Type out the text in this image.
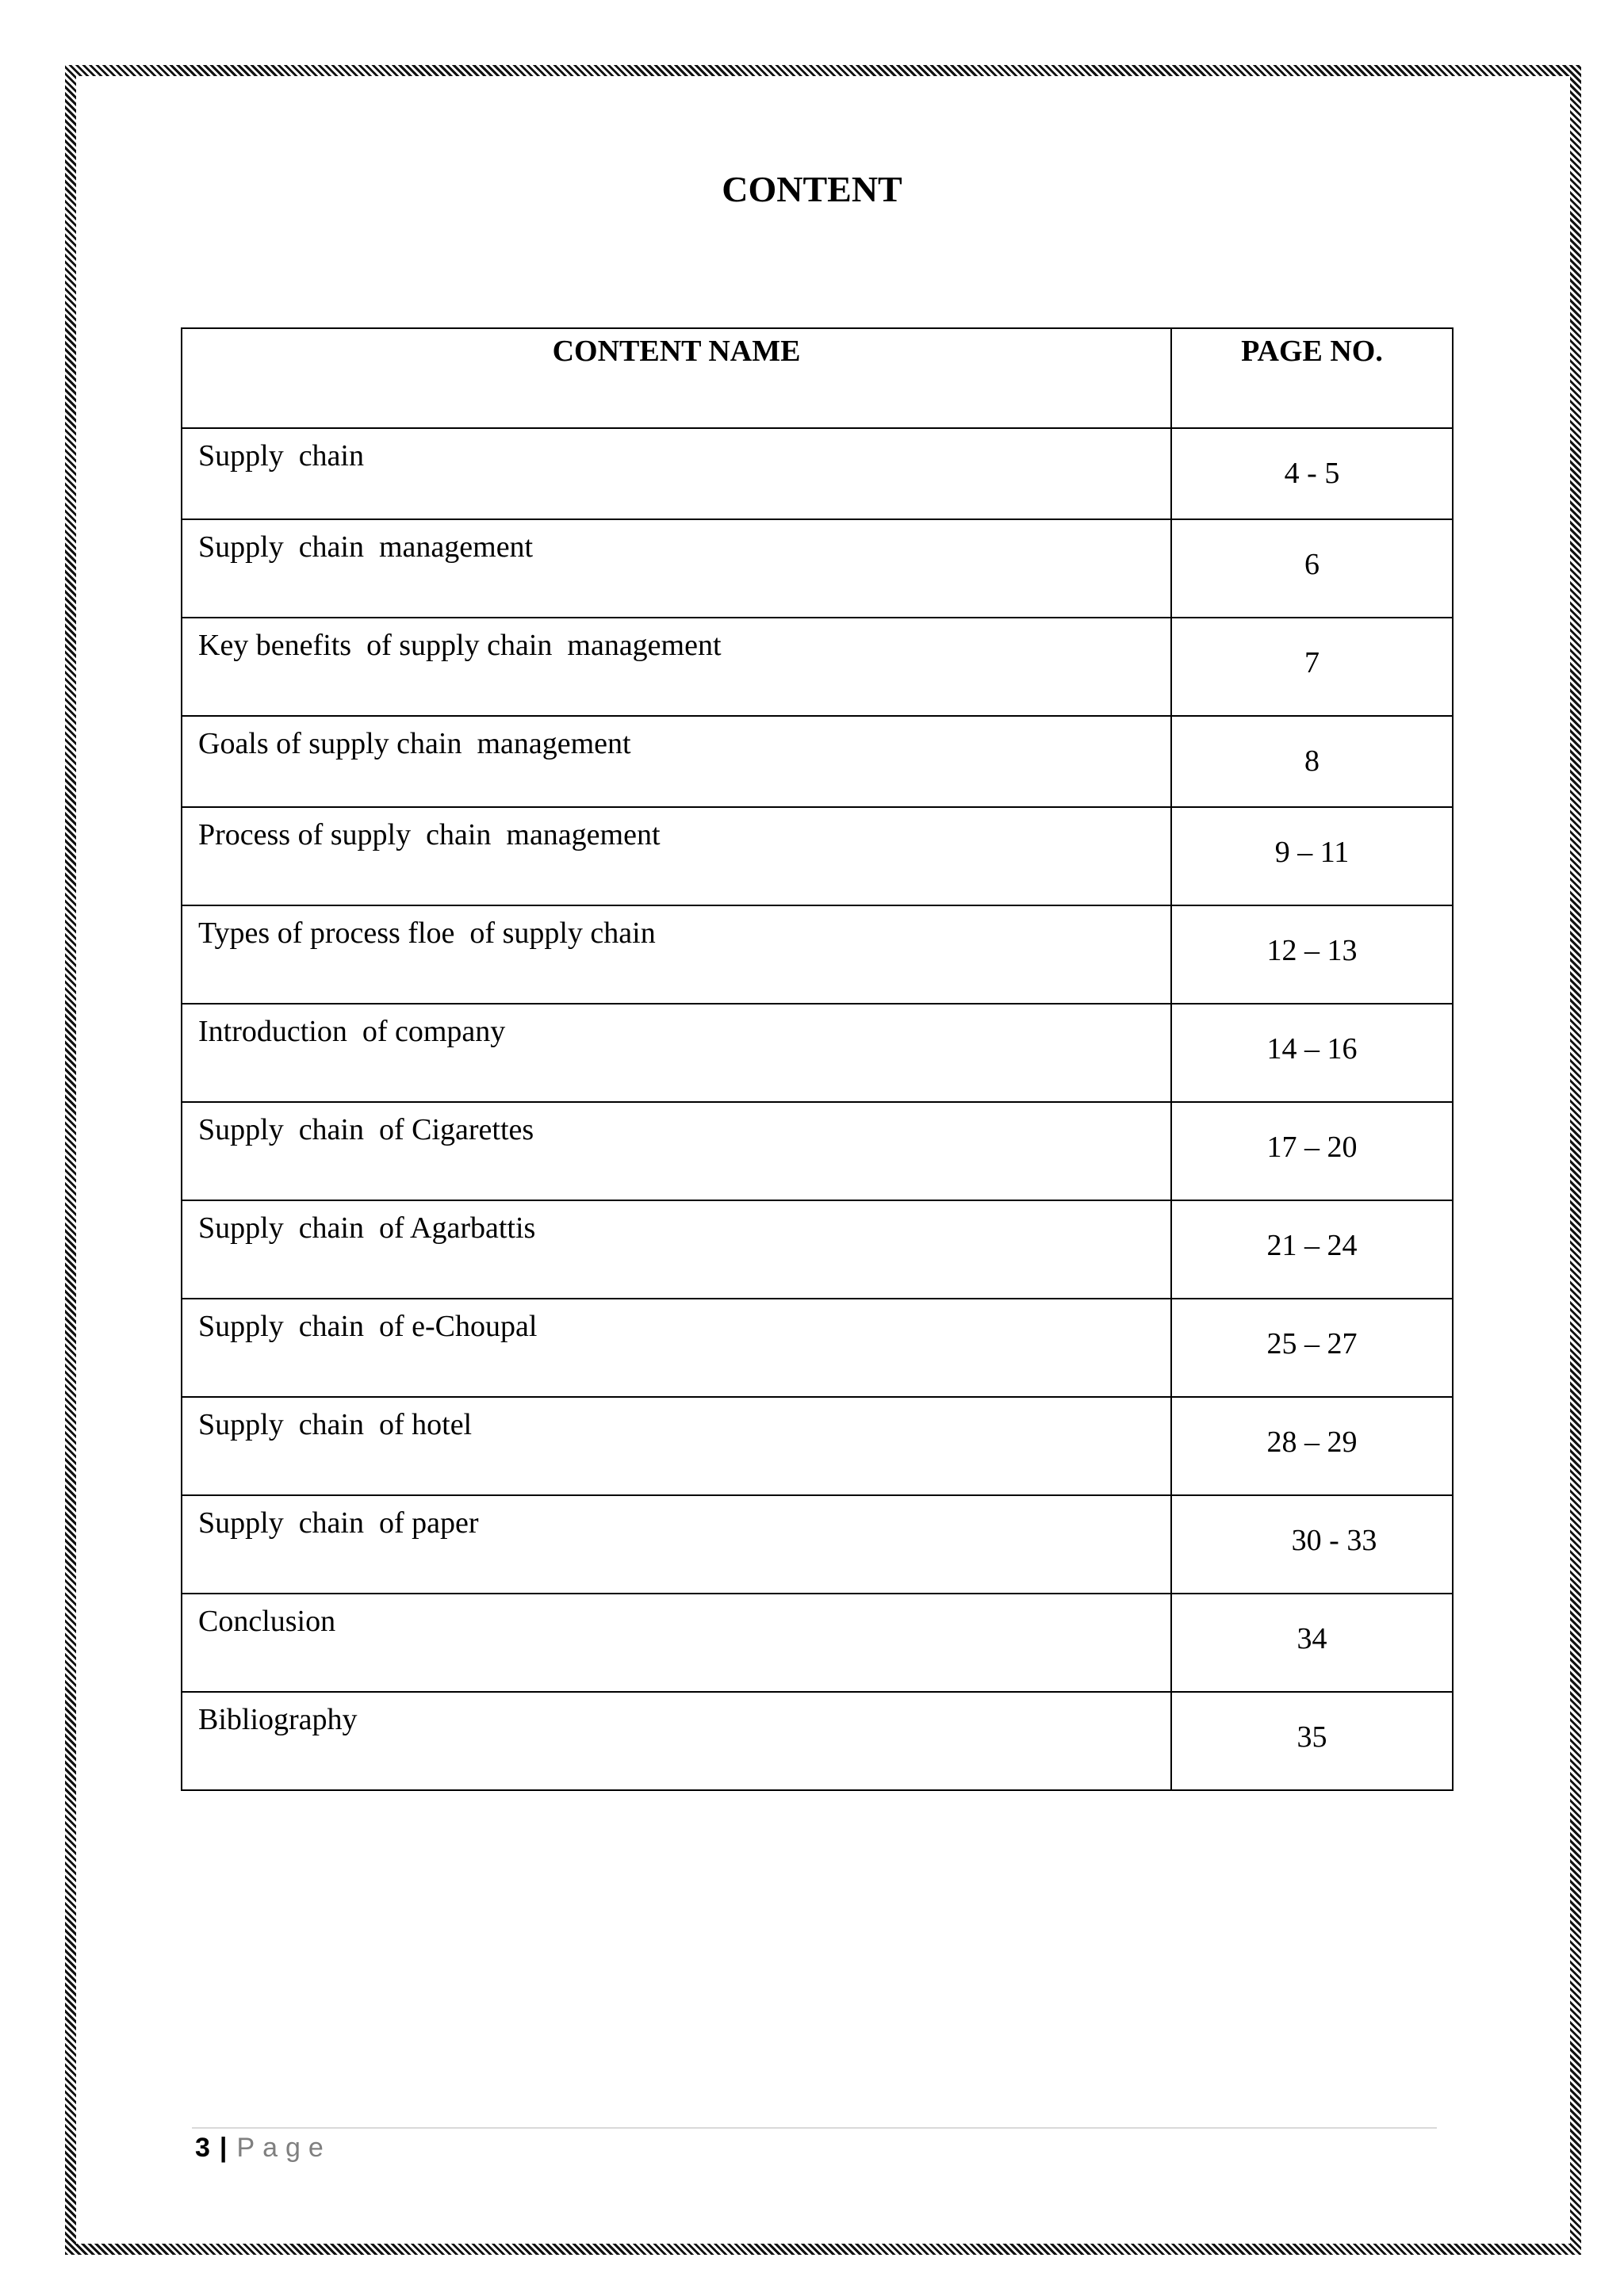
CONTENT
CONTENT NAME	PAGE NO.

Supply  chain	4 - 5

Supply  chain  management	6

Key benefits  of supply chain  management	7

Goals of supply chain  management	8

Process of supply  chain  management	9 – 11

Types of process floe  of supply chain	12 – 13

Introduction  of company	14 – 16

Supply  chain  of Cigarettes	17 – 20

Supply  chain  of Agarbattis	21 – 24

Supply  chain  of e-Choupal	25 – 27

Supply  chain  of hotel	28 – 29

Supply  chain  of paper	30 - 33

Conclusion	34

Bibliography	35
3 | Page
